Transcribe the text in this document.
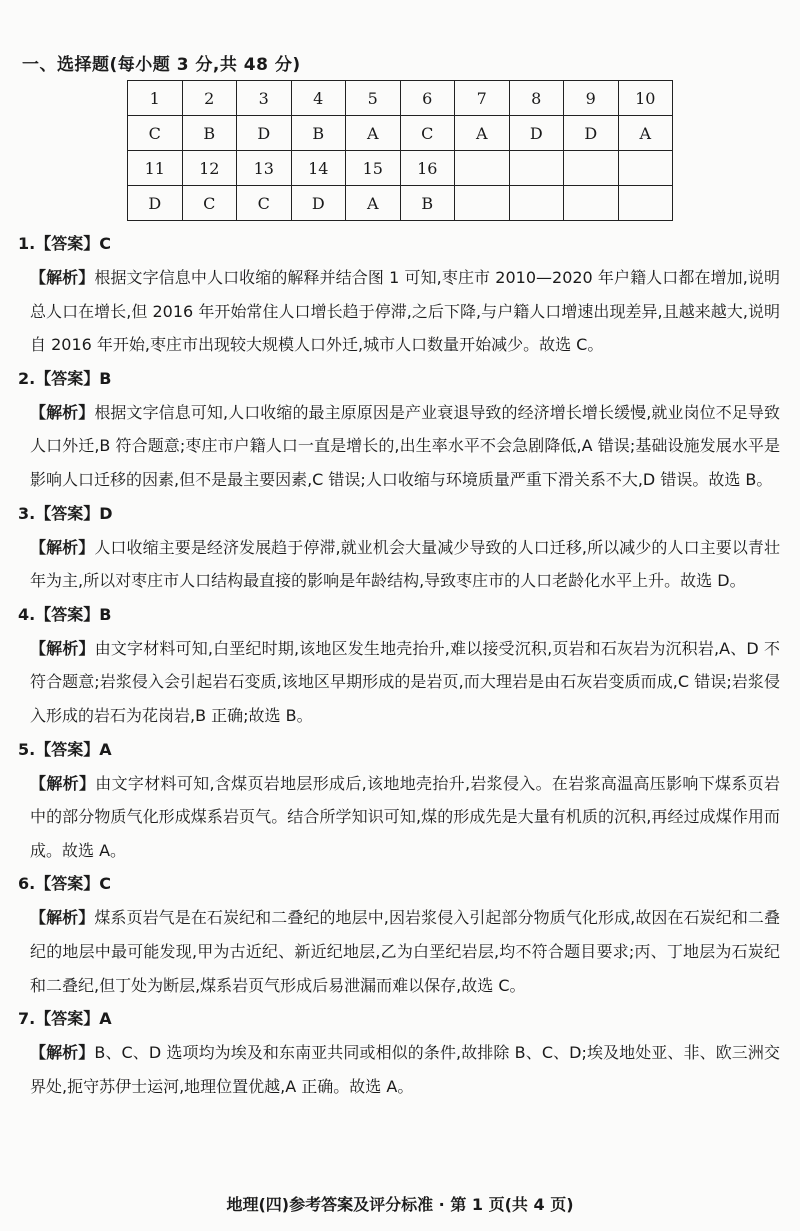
一、选择题(每小题 3 分,共 48 分)
1	2	3	4	5	6	7	8	9	10
C	B	D	B	A	C	A	D	D	A
11	12	13	14	15	16				
D	C	C	D	A	B				
1.【答案】C
【解析】根据文字信息中人口收缩的解释并结合图 1 可知,枣庄市 2010—2020 年户籍人口都在增加,说明总人口在增长,但 2016 年开始常住人口增长趋于停滞,之后下降,与户籍人口增速出现差异,且越来越大,说明自 2016 年开始,枣庄市出现较大规模人口外迁,城市人口数量开始减少。故选 C。
2.【答案】B
【解析】根据文字信息可知,人口收缩的最主原原因是产业衰退导致的经济增长增长缓慢,就业岗位不足导致人口外迁,B 符合题意;枣庄市户籍人口一直是增长的,出生率水平不会急剧降低,A 错误;基础设施发展水平是影响人口迁移的因素,但不是最主要因素,C 错误;人口收缩与环境质量严重下滑关系不大,D 错误。故选 B。
3.【答案】D
【解析】人口收缩主要是经济发展趋于停滞,就业机会大量减少导致的人口迁移,所以减少的人口主要以青壮年为主,所以对枣庄市人口结构最直接的影响是年龄结构,导致枣庄市的人口老龄化水平上升。故选 D。
4.【答案】B
【解析】由文字材料可知,白垩纪时期,该地区发生地壳抬升,难以接受沉积,页岩和石灰岩为沉积岩,A、D 不符合题意;岩浆侵入会引起岩石变质,该地区早期形成的是岩页,而大理岩是由石灰岩变质而成,C 错误;岩浆侵入形成的岩石为花岗岩,B 正确;故选 B。
5.【答案】A
【解析】由文字材料可知,含煤页岩地层形成后,该地地壳抬升,岩浆侵入。在岩浆高温高压影响下煤系页岩中的部分物质气化形成煤系岩页气。结合所学知识可知,煤的形成先是大量有机质的沉积,再经过成煤作用而成。故选 A。
6.【答案】C
【解析】煤系页岩气是在石炭纪和二叠纪的地层中,因岩浆侵入引起部分物质气化形成,故因在石炭纪和二叠纪的地层中最可能发现,甲为古近纪、新近纪地层,乙为白垩纪岩层,均不符合题目要求;丙、丁地层为石炭纪和二叠纪,但丁处为断层,煤系岩页气形成后易泄漏而难以保存,故选 C。
7.【答案】A
【解析】B、C、D 选项均为埃及和东南亚共同或相似的条件,故排除 B、C、D;埃及地处亚、非、欧三洲交界处,扼守苏伊士运河,地理位置优越,A 正确。故选 A。
地理(四)参考答案及评分标准 · 第 1 页(共 4 页)
